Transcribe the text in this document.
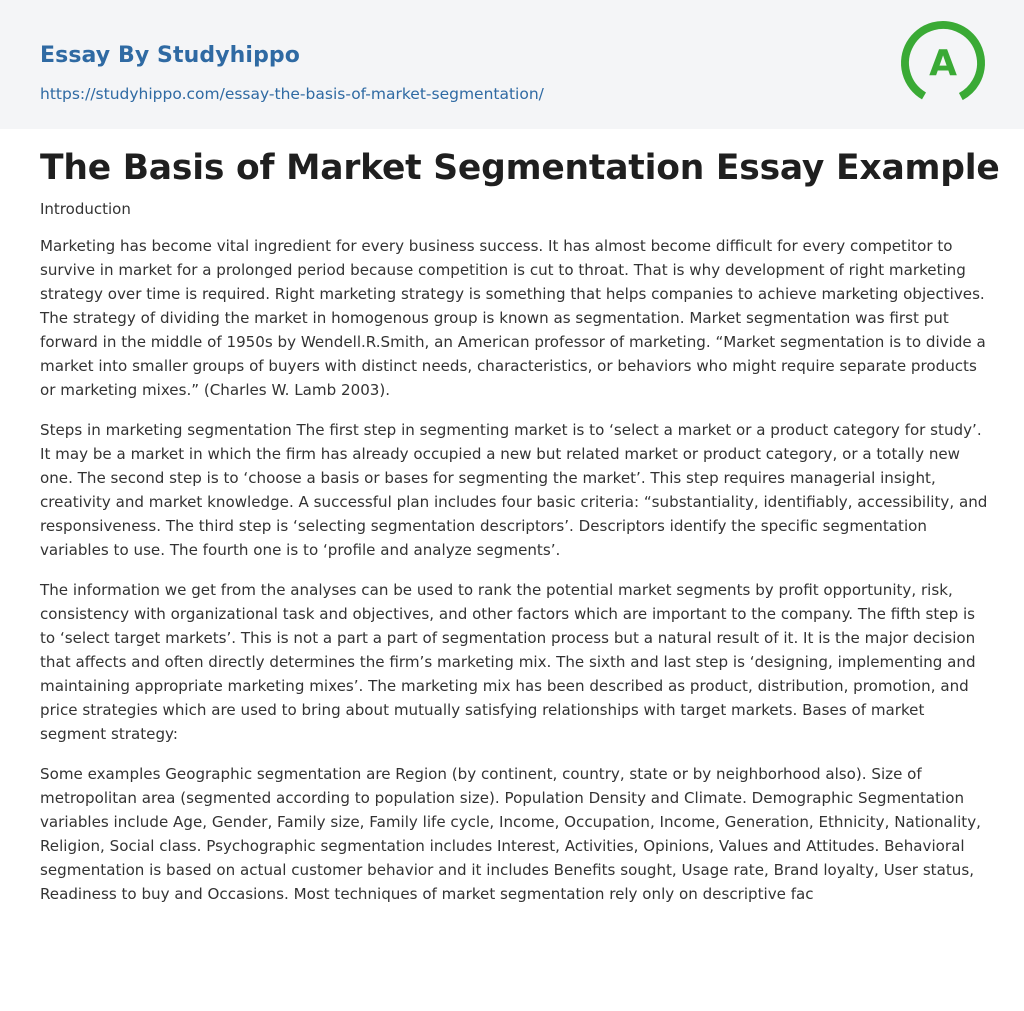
Essay By Studyhippo
https://studyhippo.com/essay-the-basis-of-market-segmentation/
A
The Basis of Market Segmentation Essay Example
Introduction

Marketing has become vital ingredient for every business success. It has almost become difficult for every competitor to survive in market for a prolonged period because competition is cut to throat. That is why development of right marketing strategy over time is required. Right marketing strategy is something that helps companies to achieve marketing objectives. The strategy of dividing the market in homogenous group is known as segmentation. Market segmentation was first put forward in the middle of 1950s by Wendell.R.Smith, an American professor of marketing. “Market segmentation is to divide a market into smaller groups of buyers with distinct needs, characteristics, or behaviors who might require separate products or marketing mixes.” (Charles W. Lamb 2003).

Steps in marketing segmentation The first step in segmenting market is to ‘select a market or a product category for study’. It may be a market in which the firm has already occupied a new but related market or product category, or a totally new one. The second step is to ‘choose a basis or bases for segmenting the market’. This step requires managerial insight, creativity and market knowledge. A successful plan includes four basic criteria: “substantiality, identifiably, accessibility, and responsiveness. The third step is ‘selecting segmentation descriptors’. Descriptors identify the specific segmentation variables to use. The fourth one is to ‘profile and analyze segments’.

The information we get from the analyses can be used to rank the potential market segments by profit opportunity, risk, consistency with organizational task and objectives, and other factors which are important to the company. The fifth step is to ‘select target markets’. This is not a part a part of segmentation process but a natural result of it. It is the major decision that affects and often directly determines the firm’s marketing mix. The sixth and last step is ‘designing, implementing and maintaining appropriate marketing mixes’. The marketing mix has been described as product, distribution, promotion, and price strategies which are used to bring about mutually satisfying relationships with target markets. Bases of market segment strategy:

Some examples Geographic segmentation are Region (by continent, country, state or by neighborhood also). Size of metropolitan area (segmented according to population size). Population Density and Climate. Demographic Segmentation variables include Age, Gender, Family size, Family life cycle, Income, Occupation, Income, Generation, Ethnicity, Nationality, Religion, Social class. Psychographic segmentation includes Interest, Activities, Opinions, Values and Attitudes. Behavioral segmentation is based on actual customer behavior and it includes Benefits sought, Usage rate, Brand loyalty, User status, Readiness to buy and Occasions. Most techniques of market segmentation rely only on descriptive fac
